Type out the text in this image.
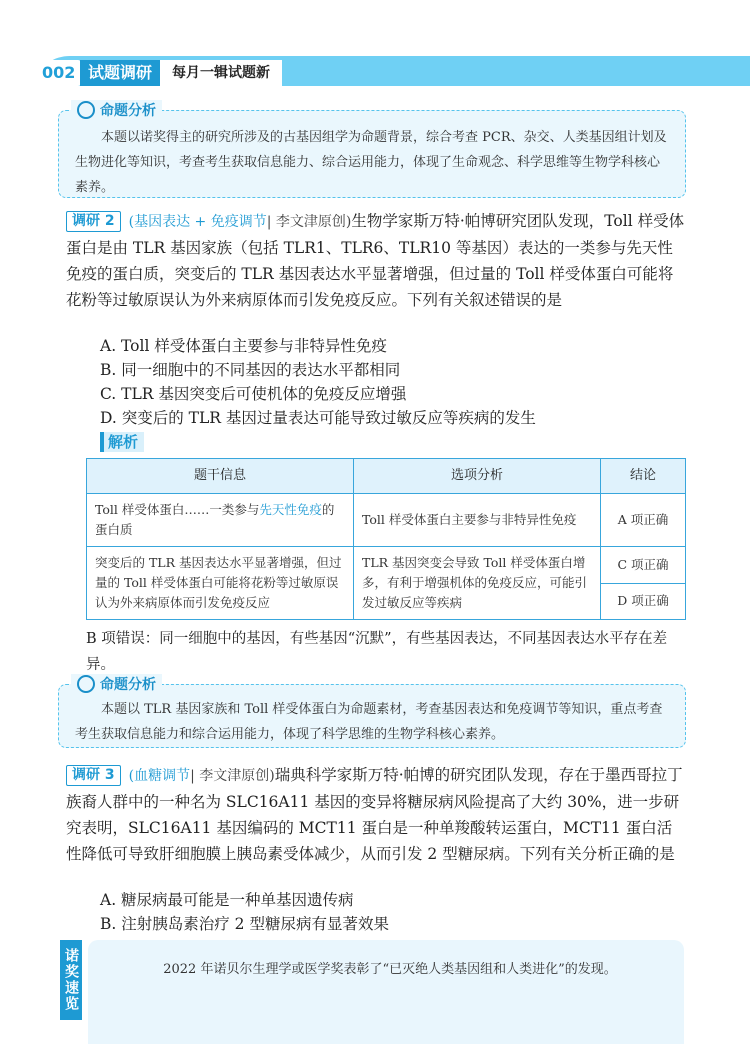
002 试题调研	每月一辑试题新
命题分析
本题以诺奖得主的研究所涉及的古基因组学为命题背景，综合考查 PCR、杂交、人类基因组计划及生物进化等知识，考查考生获取信息能力、综合运用能力，体现了生命观念、科学思维等生物学科核心素养。
调研 2 (基因表达 + 免疫调节| 李文津原创)生物学家斯万特·帕博研究团队发现，Toll 样受体蛋白是由 TLR 基因家族（包括 TLR1、TLR6、TLR10 等基因）表达的一类参与先天性免疫的蛋白质，突变后的 TLR 基因表达水平显著增强，但过量的 Toll 样受体蛋白可能将花粉等过敏原误认为外来病原体而引发免疫反应。下列有关叙述错误的是
A. Toll 样受体蛋白主要参与非特异性免疫
B. 同一细胞中的不同基因的表达水平都相同
C. TLR 基因突变后可使机体的免疫反应增强
D. 突变后的 TLR 基因过量表达可能导致过敏反应等疾病的发生
解析
题干信息	选项分析	结论
Toll 样受体蛋白……一类参与先天性免疫的蛋白质	Toll 样受体蛋白主要参与非特异性免疫	A 项正确
突变后的 TLR 基因表达水平显著增强，但过量的 Toll 样受体蛋白可能将花粉等过敏原误认为外来病原体而引发免疫反应	TLR 基因突变会导致 Toll 样受体蛋白增多，有利于增强机体的免疫反应，可能引发过敏反应等疾病	C 项正确
		D 项正确
B 项错误：同一细胞中的基因，有些基因“沉默”，有些基因表达，不同基因表达水平存在差异。
命题分析
本题以 TLR 基因家族和 Toll 样受体蛋白为命题素材，考查基因表达和免疫调节等知识，重点考查考生获取信息能力和综合运用能力，体现了科学思维的生物学科核心素养。
调研 3 (血糖调节| 李文津原创)瑞典科学家斯万特·帕博的研究团队发现，存在于墨西哥拉丁族裔人群中的一种名为 SLC16A11 基因的变异将糖尿病风险提高了大约 30%，进一步研究表明，SLC16A11 基因编码的 MCT11 蛋白是一种单羧酸转运蛋白，MCT11 蛋白活性降低可导致肝细胞膜上胰岛素受体减少，从而引发 2 型糖尿病。下列有关分析正确的是
A. 糖尿病最可能是一种单基因遗传病
B. 注射胰岛素治疗 2 型糖尿病有显著效果
诺奖速览	2022 年诺贝尔生理学或医学奖表彰了“已灭绝人类基因组和人类进化”的发现。
